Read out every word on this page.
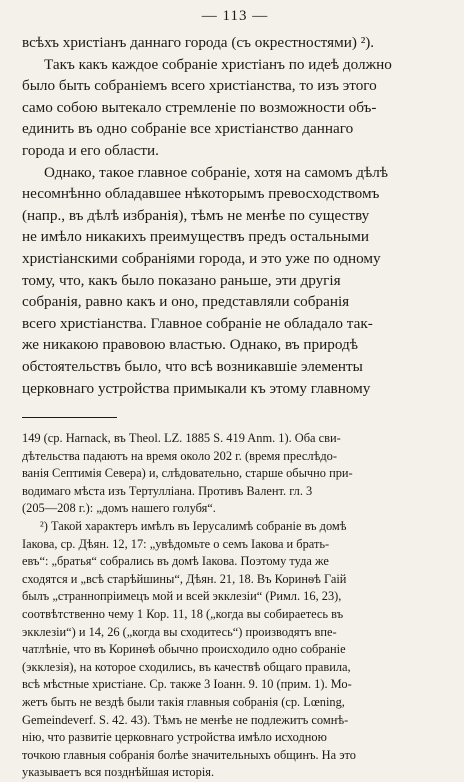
— 113 —
всѣхъ христіанъ даннаго города (съ окрестностями) ²).
Такъ какъ каждое собраніе христіанъ по идеѣ должно
было быть собраніемъ всего христіанства, то изъ этого
само собою вытекало стремленіе по возможности объ-
единить въ одно собраніе все христіанство даннаго
города и его области.
Однако, такое главное собраніе, хотя на самомъ дѣлѣ
несомнѣнно обладавшее нѣкоторымъ превосходствомъ
(напр., въ дѣлѣ избранія), тѣмъ не менѣе по существу
не имѣло никакихъ преимуществъ предъ остальными
христіанскими собраніями города, и это уже по одному
тому, что, какъ было показано раньше, эти другія
собранія, равно какъ и оно, представляли собранія
всего христіанства. Главное собраніе не обладало так-
же никакою правовою властью. Однако, въ природѣ
обстоятельствъ было, что всѣ возникавшіе элементы
церковнаго устройства примыкали къ этому главному
149 (ср. Harnack, въ Theol. LZ. 1885 S. 419 Anm. 1). Оба сви-
дѣтельства падаютъ на время около 202 г. (время преслѣдо-
ванія Септимія Севера) и, слѣдовательно, старше обычно при-
водимаго мѣста изъ Тертулліана. Противъ Валент. гл. 3
(205—208 г.): „домъ нашего голубя“.
²) Такой характеръ имѣлъ въ Іерусалимѣ собраніе въ домѣ
Іакова, ср. Дѣян. 12, 17: „увѣдомьте о семъ Іакова и брать-
евъ“: „братья“ собрались въ домѣ Іакова. Поэтому туда же
сходятся и „всѣ старѣйшины“, Дѣян. 21, 18. Въ Коринѳѣ Гаій
былъ „страннопріимецъ мой и всей экклезіи“ (Римл. 16, 23),
соотвѣтственно чему 1 Кор. 11, 18 („когда вы собираетесь въ
экклезіи“) и 14, 26 („когда вы сходитесь“) производятъ впе-
чатлѣніе, что въ Коринѳѣ обычно происходило одно собраніе
(экклезія), на которое сходились, въ качествѣ общаго правила,
всѣ мѣстные христіане. Ср. также 3 Іоанн. 9. 10 (прим. 1). Мо-
жетъ быть не вездѣ были такія главныя собранія (ср. Lœning,
Gemeindeverf. S. 42. 43). Тѣмъ не менѣе не подлежитъ сомнѣ-
нію, что развитіе церковнаго устройства имѣло исходною
точкою главныя собранія болѣе значительныхъ общинъ. На это
указываетъ вся позднѣйшая исторія.
